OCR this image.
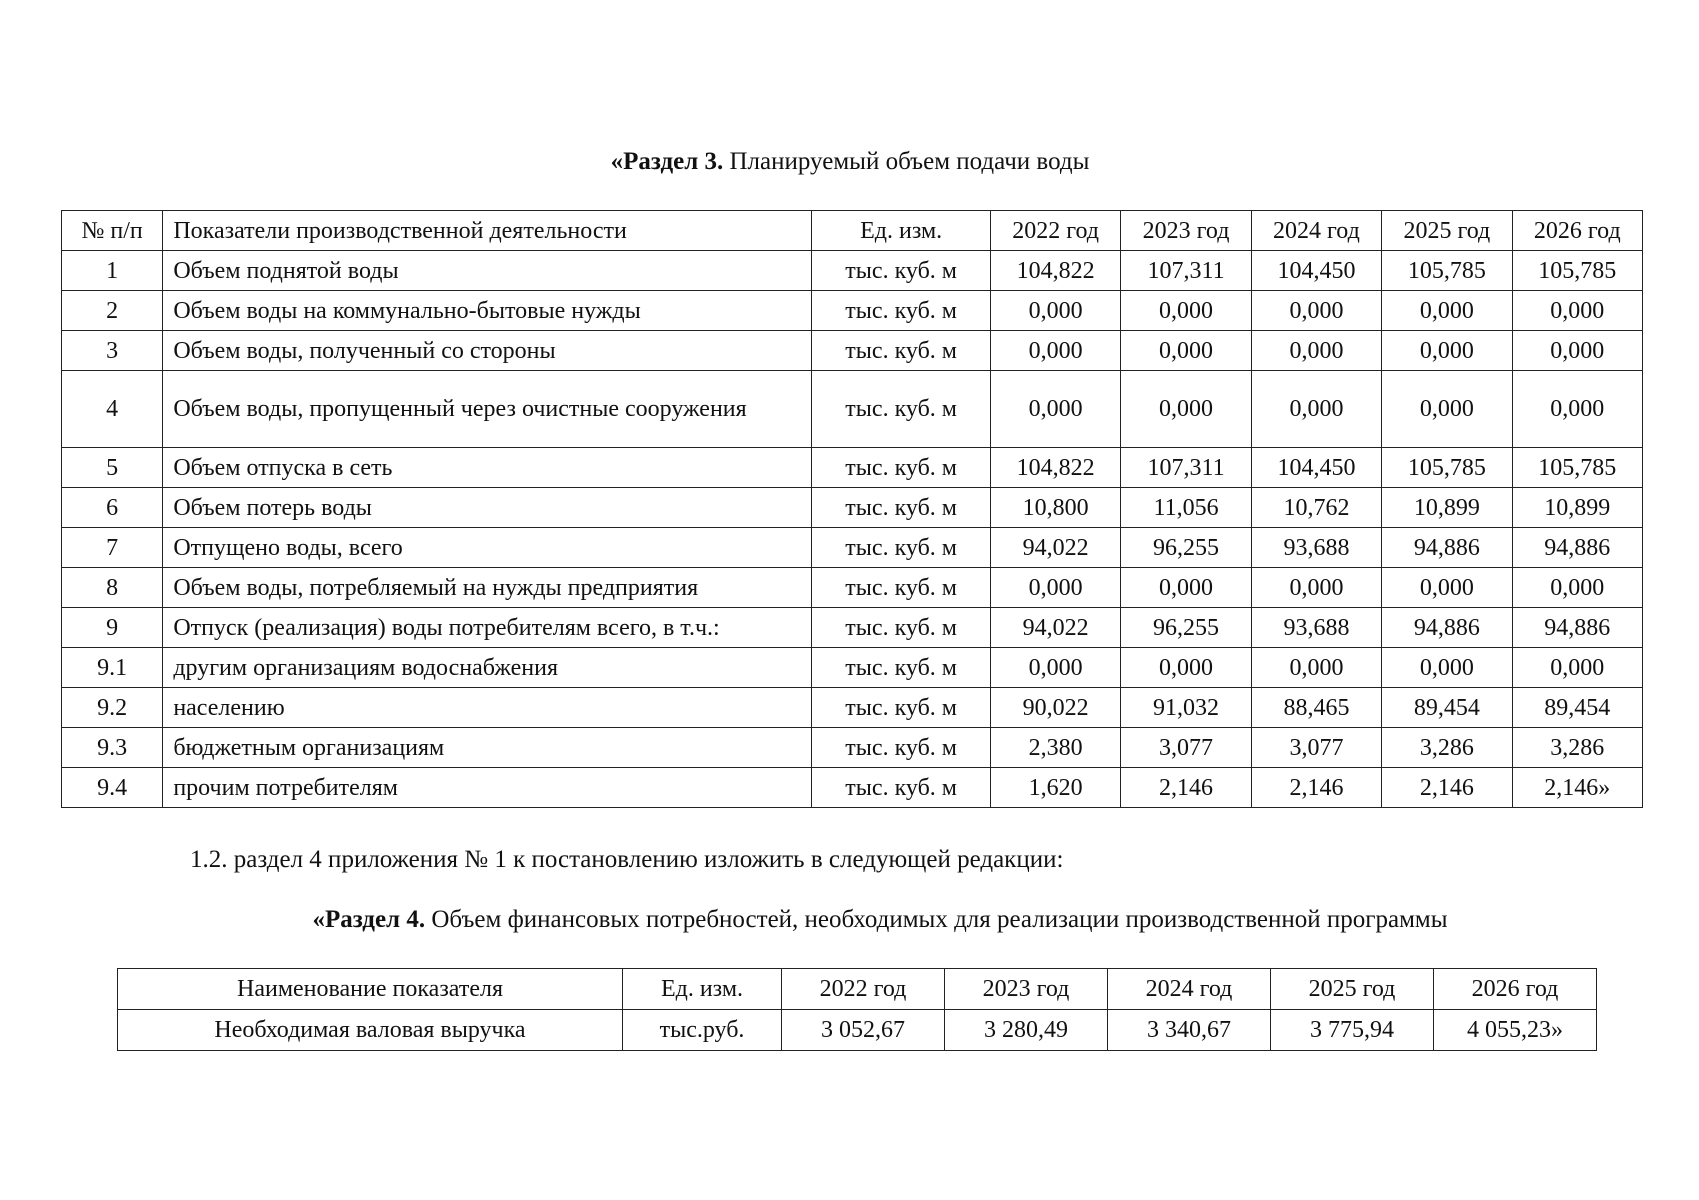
«Раздел 3. Планируемый объем подачи воды
№ п/п	Показатели производственной деятельности	Ед. изм.	2022 год	2023 год	2024 год	2025 год	2026 год
1	Объем поднятой воды	тыс. куб. м	104,822	107,311	104,450	105,785	105,785
2	Объем воды на коммунально-бытовые нужды	тыс. куб. м	0,000	0,000	0,000	0,000	0,000
3	Объем воды, полученный со стороны	тыс. куб. м	0,000	0,000	0,000	0,000	0,000
4	Объем воды, пропущенный через очистные сооружения	тыс. куб. м	0,000	0,000	0,000	0,000	0,000
5	Объем отпуска в сеть	тыс. куб. м	104,822	107,311	104,450	105,785	105,785
6	Объем потерь воды	тыс. куб. м	10,800	11,056	10,762	10,899	10,899
7	Отпущено воды, всего	тыс. куб. м	94,022	96,255	93,688	94,886	94,886
8	Объем воды, потребляемый на нужды предприятия	тыс. куб. м	0,000	0,000	0,000	0,000	0,000
9	Отпуск (реализация) воды потребителям всего, в т.ч.:	тыс. куб. м	94,022	96,255	93,688	94,886	94,886
9.1	другим организациям водоснабжения	тыс. куб. м	0,000	0,000	0,000	0,000	0,000
9.2	населению	тыс. куб. м	90,022	91,032	88,465	89,454	89,454
9.3	бюджетным организациям	тыс. куб. м	2,380	3,077	3,077	3,286	3,286
9.4	прочим потребителям	тыс. куб. м	1,620	2,146	2,146	2,146	2,146»
1.2. раздел 4 приложения № 1 к постановлению изложить в следующей редакции:
«Раздел 4. Объем финансовых потребностей, необходимых для реализации производственной программы
Наименование показателя	Ед. изм.	2022 год	2023 год	2024 год	2025 год	2026 год
Необходимая валовая выручка	тыс.руб.	3 052,67	3 280,49	3 340,67	3 775,94	4 055,23»
